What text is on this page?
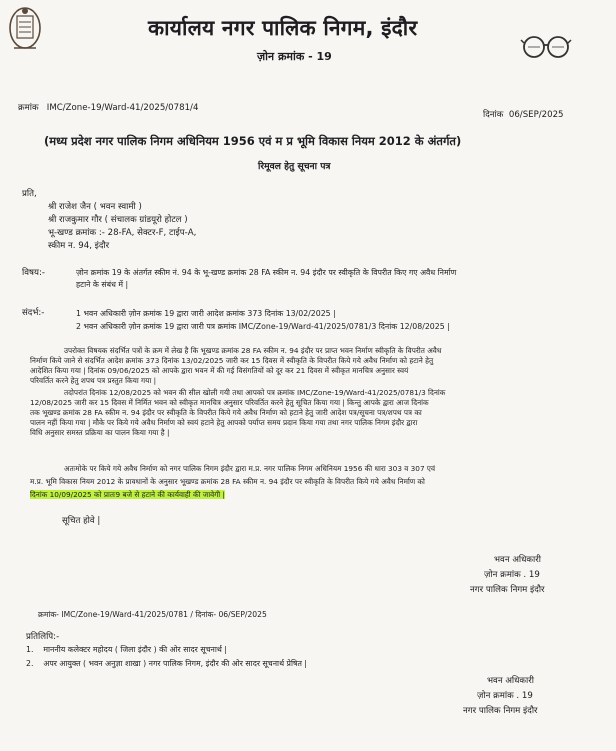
कार्यालय नगर पालिक निगम, इंदौर
ज़ोन क्रमांक - 19
क्रमांक IMC/Zone-19/Ward-41/2025/0781/4
दिनांक 06/SEP/2025
(मध्य प्रदेश नगर पालिक निगम अधिनियम 1956 एवं म प्र भूमि विकास नियम 2012 के अंतर्गत)
रिमूवल हेतु सूचना पत्र
प्रति,
श्री राजेश जैन ( भवन स्वामी )
श्री राजकुमार गौर ( संचालक ग्रांडयूरो होटल )
भू-खण्ड क्रमांक :- 28-FA, सेक्टर-F, टाईप-A,
स्कीम न. 94, इंदौर
विषय:-	ज़ोन क्रमांक 19 के अंतर्गत स्कीम नं. 94 के भू-खण्ड क्रमांक 28 FA स्कीम न. 94 इंदौर पर स्वीकृति के विपरीत किए गए अवैध निर्माण
हटाने के संबंध में |
संदर्भ:-	1 भवन अधिकारी ज़ोन क्रमांक 19 द्वारा जारी आदेश क्रमांक 373 दिनांक 13/02/2025 |
2 भवन अधिकारी ज़ोन क्रमांक 19 द्वारा जारी पत्र क्रमांक IMC/Zone-19/Ward-41/2025/0781/3 दिनांक 12/08/2025 |
उपरोक्त विषयक संदर्भित पत्रों के क्रम में लेख है कि भूखण्ड क्रमांक 28 FA स्कीम न. 94 इंदौर पर प्राप्त भवन निर्माण स्वीकृति के विपरीत अवैध
निर्माण किये जाने से संदर्भित आदेश क्रमांक 373 दिनांक 13/02/2025 जारी कर 15 दिवस में स्वीकृति के विपरीत किये गये अवैध निर्माण को हटाने हेतु
आदेशित किया गया | दिनांक 09/06/2025 को आपके द्वारा भवन में की गई विसंगतियों को दूर कर 21 दिवस में स्वीकृत मानचित्र अनुसार स्वयं
परिवर्तित करने हेतु शपथ पत्र प्रस्तुत किया गया |
तदोपरांत दिनांक 12/08/2025 को भवन की सील खोली गयी तथा आपको पत्र क्रमांक IMC/Zone-19/Ward-41/2025/0781/3 दिनांक
12/08/2025 जारी कर 15 दिवस में निर्मित भवन को स्वीकृत मानचित्र अनुसार परिवर्तित करने हेतु सूचित किया गया | किन्तु आपके द्वारा आज दिनांक
तक भूखण्ड क्रमांक 28 FA स्कीम न. 94 इंदौर पर स्वीकृति के विपरीत किये गये अवैध निर्माण को हटाने हेतु जारी आदेश पत्र/सूचना पत्र/शपथ पत्र का
पालन नहीं किया गया | मौके पर किये गये अवैध निर्माण को स्वयं हटाने हेतु आपको पर्याप्त समय प्रदान किया गया तथा नगर पालिक निगम इंदौर द्वारा
विधि अनुसार समस्त प्रक्रिया का पालन किया गया है |
अतःमोके पर किये गये अवैध निर्माण को नगर पालिक निगम इंदौर द्वारा म.प्र. नगर पालिक निगम अधिनियम 1956 की धारा 303 व 307 एवं
म.प्र. भूमि विकास नियम 2012 के प्रावधानों के अनुसार भूखण्ड क्रमांक 28 FA स्कीम न. 94 इंदौर पर स्वीकृति के विपरीत किये गये अवैध निर्माण को
दिनांक 10/09/2025 को प्रातः9 बजे से हटाने की कार्यवाही की जावेगी |
सूचित होवे |
भवन अधिकारी
ज़ोन क्रमांक . 19
नगर पालिक निगम इंदौर
क्रमांक- IMC/Zone-19/Ward-41/2025/0781 / दिनांक- 06/SEP/2025
प्रतिलिपि:-
1. माननीय कलेक्टर महोदय ( जिला इंदौर ) की ओर सादर सूचनार्थ |
2. अपर आयुक्त ( भवन अनुज्ञा शाखा ) नगर पालिक निगम, इंदौर की ओर सादर सूचनार्थ प्रेषित |
भवन अधिकारी
ज़ोन क्रमांक . 19
नगर पालिक निगम इंदौर
